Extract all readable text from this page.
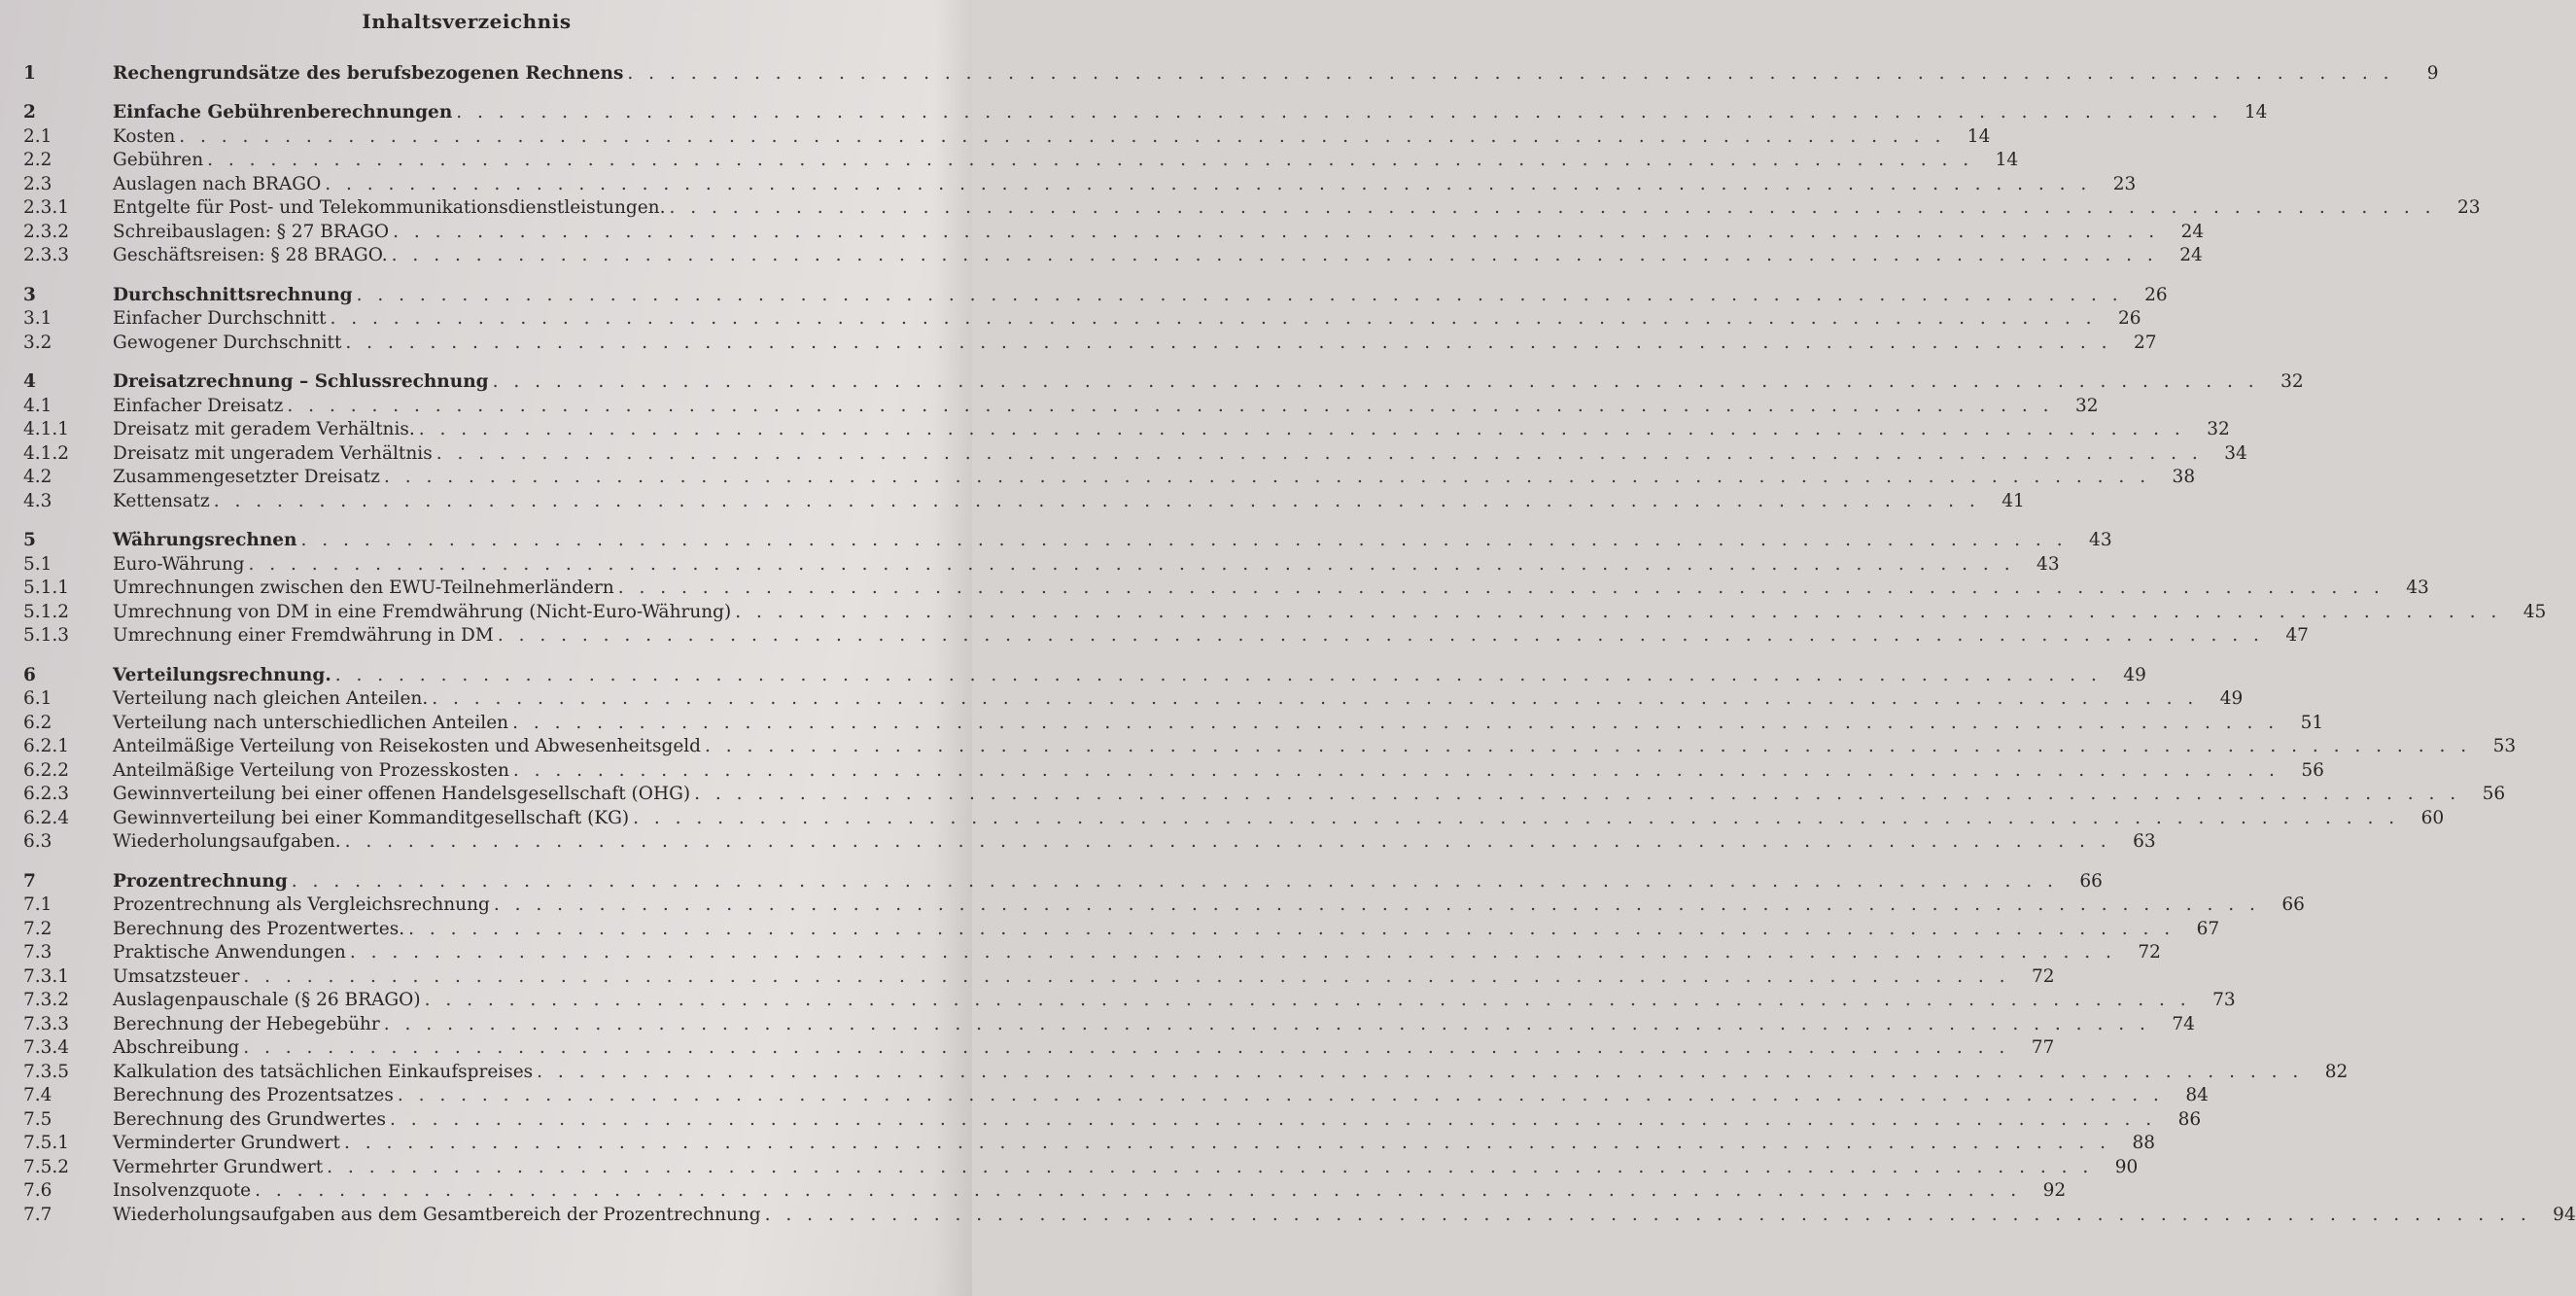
Inhaltsverzeichnis
1	Rechengrundsätze des berufsbezogenen Rechnens . . .	9
2	Einfache Gebührenberechnungen . . .	14
2.1	Kosten . . .	14
2.2	Gebühren . . .	14
2.3	Auslagen nach BRAGO . . .	23
2.3.1	Entgelte für Post- und Telekommunikationsdienstleistungen. . . .	23
2.3.2	Schreibauslagen: § 27 BRAGO . . .	24
2.3.3	Geschäftsreisen: § 28 BRAGO. . . .	24
3	Durchschnittsrechnung . . .	26
3.1	Einfacher Durchschnitt . . .	26
3.2	Gewogener Durchschnitt . . .	27
4	Dreisatzrechnung – Schlussrechnung . . .	32
4.1	Einfacher Dreisatz . . .	32
4.1.1	Dreisatz mit geradem Verhältnis. . . .	32
4.1.2	Dreisatz mit ungeradem Verhältnis . . .	34
4.2	Zusammengesetzter Dreisatz . . .	38
4.3	Kettensatz . . .	41
5	Währungsrechnen . . .	43
5.1	Euro-Währung . . .	43
5.1.1	Umrechnungen zwischen den EWU-Teilnehmerländern . . .	43
5.1.2	Umrechnung von DM in eine Fremdwährung (Nicht-Euro-Währung) . . .	45
5.1.3	Umrechnung einer Fremdwährung in DM . . .	47
6	Verteilungsrechnung. . . .	49
6.1	Verteilung nach gleichen Anteilen. . . .	49
6.2	Verteilung nach unterschiedlichen Anteilen . . .	51
6.2.1	Anteilmäßige Verteilung von Reisekosten und Abwesenheitsgeld . . .	53
6.2.2	Anteilmäßige Verteilung von Prozesskosten . . .	56
6.2.3	Gewinnverteilung bei einer offenen Handelsgesellschaft (OHG) . . .	56
6.2.4	Gewinnverteilung bei einer Kommanditgesellschaft (KG) . . .	60
6.3	Wiederholungsaufgaben. . . .	63
7	Prozentrechnung . . .	66
7.1	Prozentrechnung als Vergleichsrechnung . . .	66
7.2	Berechnung des Prozentwertes. . . .	67
7.3	Praktische Anwendungen . . .	72
7.3.1	Umsatzsteuer . . .	72
7.3.2	Auslagenpauschale (§ 26 BRAGO) . . .	73
7.3.3	Berechnung der Hebegebühr . . .	74
7.3.4	Abschreibung . . .	77
7.3.5	Kalkulation des tatsächlichen Einkaufspreises . . .	82
7.4	Berechnung des Prozentsatzes . . .	84
7.5	Berechnung des Grundwertes . . .	86
7.5.1	Verminderter Grundwert . . .	88
7.5.2	Vermehrter Grundwert . . .	90
7.6	Insolvenzquote . . .	92
7.7	Wiederholungsaufgaben aus dem Gesamtbereich der Prozentrechnung . . .	94
